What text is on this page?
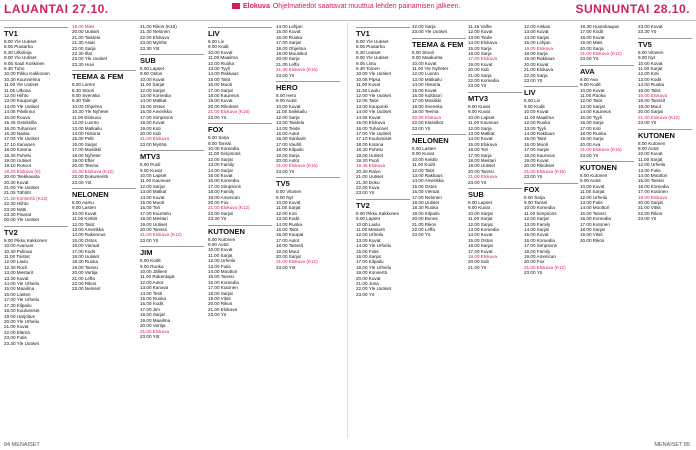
LAUANTAI 27.10.	Elokuva Ohjelmatiedot saattavat muuttua lehden painamisen jälkeen.	SUNNUNTAI 28.10.
TV1
8.00 Yle Uutiset
8.05 Puutarha
8.30 Ulkolinja
9.00 Yle Uutiset
9.05 Sauli Koskinen
9.30 Tuho
10.00 Pikku Kakkonen
10.30 Kuunnelma
11.00 Yle Uutiset
11.05 Ulkona
12.00 Hiihto
13.00 Kaupungit
14.00 Yle Uutiset
14.05 Pilvilinna
15.00 Rouva
15.45 Ostoksilla
16.00 Tuhannet
16.30 Naisia
17.00 Yle Uutiset
17.10 Sananen
18.00 Kotona
18.30 Puhelu
19.00 Uutiset
19.10 Rosvot
19.20 Elokuva (S)
20.00 Tsekkausta
20.30 Kuvat
21.00 Yle Uutiset
21.05 Tähtiöt
21.30 Konsertti (K12)
22.30 Hiihto
23.00 Nätti
23.30 Pisarat
00.00 Yle Uutiset
TV2
8.00 Pikku Kakkonen
10.00 Avaruus
10.30 Pulinaa
11.00 Toistot
12.00 Laulu
12.30 Rock
13.00 Mestarit
13.30 Kuvat
14.00 Yle Urheilu
15.00 Maailma
16.00 Lasten
17.00 Yle Urheilu
17.30 Kilpailu
18.00 Kuulumiset
19.00 Harjoitus
20.00 Yle Urheilu
21.00 Kuvat
22.00 Elämä
23.00 Futis
23.30 Yle Uutiset
19.00 Mies
20.00 Uutiset
21.00 Taistelu
21.30 Asiat
22.00 Sarja
22.30 Illat
23.00 Yle Uutiset
23.30 Huvi
TEEMA & FEM
8.00 Lorem
8.30 Stoori
9.00 Svenska
9.30 Talk
10.00 Ohjelma
10.30 Yle Nyheter
11.00 Elokuva
12.00 Luonto
13.00 Matkailu
14.00 Historia
15.00 Pelit
16.00 Sarjat
17.00 Musiikki
18.00 Nyheter
19.00 Efter
20.00 Teema
20.30 Elokuva (K12)
22.00 Dokumentti
23.00 Yöt
NELONEN
8.00 Aamu
9.00 Lasten
10.00 Kuvat
11.00 Keittiö
12.00 Talot
13.00 Amerikka
14.00 Rakennus
15.00 Ostos
16.00 Vieraat
17.00 Kodit
18.00 Uutiset
18.30 Ruoka
19.00 Tanssi
20.00 Vartija
21.00 Leffa
22.00 Rikos
23.00 Neloset
21.00 Rikos (K16)
21.30 Nelonen
22.00 Elokuva
23.00 Myöhä
23.30 Yöt
SUB
8.00 Lapset
9.00 Ostos
10.00 Kuvat
11.00 Sarjat
12.00 Sarjat
13.00 Komedia
14.00 Matkat
15.00 Ostos
16.00 Amerikka
17.00 Simpsons
18.00 Kuvat
19.00 Koti
20.00 Sub
21.00 Elokuva
23.00 Myöhä
MTV3
8.00 Puoli
9.00 Kuvat
10.00 Lapset
11.00 Kauneus
12.00 Sarjat
13.00 Matkat
14.00 Kuvat
15.00 Muoti
16.00 Tori
17.00 Kuuntelu
18.00 Mestari
19.00 Uutiset
20.00 Tanssii
21.00 Elokuva (K12)
23.00 Yö
JIM
8.00 Kodit
9.00 Ruoka
10.00 Jälleen
11.00 Rakentajat
12.00 Autot
13.00 Kanava
14.00 Testi
15.00 Ruoka
16.00 Kodit
17.00 Jim
18.00 Sarjat
19.00 Maailma
20.00 Vartija
21.00 Elokuva
23.00 Yöt
LIV
8.00 Liv
9.00 Kodit
10.00 Kuvat
11.00 Maailma
12.00 Ruoka
13.00 Tyyli
14.00 Rakkaus
15.00 Talot
16.00 Muoti
17.00 Sarjat
18.00 Kauneus
19.00 Kuvat
20.00 Rikokset
21.00 Elokuva (K16)
23.00 Yö
FOX
8.00 Sarja
9.00 Tanssi
10.00 Komedia
11.00 Simpsons
12.00 Sarjat
13.00 Family
14.00 Sarjat
15.00 Kuvat
16.00 Komedia
17.00 Simpsons
18.00 Family
19.00 American
20.00 Fox
21.00 Elokuva (K12)
23.00 Sarjat
23.30 Yö
KUTONEN
8.00 Kutonen
9.00 Autot
10.00 Kuvat
11.00 Sarjat
12.00 Urheilu
13.00 Futis
14.00 Moottori
15.00 Tanssi
16.00 Komedia
17.00 Kutonen
18.00 Sarjat
19.00 Vitsit
20.00 Rikos
21.00 Elokuva
23.00 Yö
14.00 Lohjan
15.00 Kuvat
16.00 Ruoka
17.00 Sarjat
18.00 Ohjelma
19.00 Muusikot
20.00 Sarja
21.00 Leffa
21.30 Elokuva (K16)
23.00 Yö
HERO
8.00 Hero
9.00 Autot
10.00 Kuvat
11.00 Seikkailu
12.00 Sarja
13.00 Taistelu
14.00 Tiede
15.00 Autot
16.00 Sankarit
17.00 Vauhti
18.00 Kilpailu
19.00 Sarja
20.00 Autot
21.00 Elokuva (K16)
23.00 Yö
TV5
8.00 Vitosen
9.00 Nyt
10.00 Kuvat
11.00 Sarjat
12.00 Koti
13.00 Kodit
14.00 Ruoka
15.00 Talot
16.00 Kaupat
17.00 Autot
18.00 Tanssit
19.00 Muut
20.00 Sarjat
21.00 Elokuva (K12)
23.00 Yöt
TV1
8.00 Yle Uutiset
8.05 Puutarha
8.30 Uutiset
9.00 Yle Uutiset
9.05 Lintu
9.30 Toinen
10.00 Yle Uutiset
10.05 Pipsa
11.00 Kuvat
11.30 Laulu
12.00 Yle Uutiset
12.05 Talot
13.00 Kaupunki
14.00 Yle Uutiset
14.05 Kuvat
15.00 Elokuva
16.00 Tuhannet
17.00 Yle Uutiset
17.10 Kuulumiset
18.00 Kotona
18.30 Puhelu
19.00 Uutiset
19.20 Puoli
19.45 Elokuva
20.30 Raivo
21.00 Uutiset
21.30 Doku
22.00 Kuva
23.00 Yö
TV2
8.00 Pikku Kakkonen
9.00 Lapset
10.00 Laulu
11.00 Mestarit
12.00 Urheilu
13.00 Kuvat
14.00 Yle Urheilu
15.00 Futis
16.00 Sarjat
17.00 Kilpailu
18.00 Yle Urheilu
19.00 Konsertti
20.00 Kuvat
21.00 Juna
22.00 Yle Uutiset
23.00 Yö
22.00 Sarja
23.00 Yle Uutiset
TEEMA & FEM
8.00 Stoori
9.00 Maakunta
10.00 Kuvat
11.00 Yle Nyheter
12.00 Luonto
13.00 Matkailu
14.00 Historia
15.00 Kuvat
16.00 Kulttuuri
17.00 Musiikki
18.00 Svenska
19.00 Teema
20.00 Elokuva
22.00 Klassikot
23.00 Yö
NELONEN
8.00 Lasten
9.00 Kuvat
10.00 Keittiö
11.00 Kodit
12.00 Talot
13.00 Rakkaus
14.00 Amerikka
15.00 Ostos
16.00 Vieraat
17.00 Nelonen
18.00 Uutiset
18.30 Ruoka
19.00 Kilpailu
20.00 Bones
21.00 Rikos
22.00 Leffa
23.00 Yö
11.15 Valhe
12.00 Kuvat
13.00 Tiede
14.00 Elokuva
15.00 Sarja
16.00 Sarja
17.00 Elokuva
19.00 Kuvat
20.00 Sub
21.00 Sarja
22.00 Komedia
23.00 Yö
MTV3
8.00 Kuvat
9.00 Kuvat
10.00 Lapset
11.00 Kauneus
12.00 Sarja
13.00 Matkat
14.00 Kuvat
15.00 Elokuva
16.00 Tori
17.00 Sarja
18.00 Mestari
19.00 Uutiset
20.00 Tanssi
21.00 Elokuva
23.00 Yö
SUB
8.00 Lapset
9.00 Kuvat
10.00 Sarjat
11.00 Sarjat
12.00 Sarjat
13.00 Komedia
14.00 Kuvat
15.00 Ostos
16.00 Sarjat
17.00 Kuvat
18.00 Elokuva
20.00 Sub
21.00 Yö
12.00 Aiskan
13.00 Kuvat
14.00 Sarjat
15.00 Lohjan
16.00 Elokuva
18.00 Sarja
19.00 Rakkaus
20.00 Kuvat
21.00 Elokuva
22.00 Sarja
23.00 Yö
LIV
8.00 Liv
9.00 Kodit
10.00 Kuvat
11.00 Maailma
12.00 Ruoka
13.00 Tyyli
14.00 Rakkaus
15.00 Talot
16.00 Muoti
17.00 Sarjat
18.00 Kauneus
19.00 Kuvat
20.00 Rikokset
21.00 Elokuva (K16)
23.00 Yö
FOX
8.00 Sarja
9.00 Tanssi
10.00 Komedia
11.00 Simpsons
12.00 Sarjat
13.00 Family
14.00 Sarjat
15.00 Kuvat
16.00 Komedia
17.00 Simpsons
18.00 Family
19.00 American
20.00 Fox
21.00 Elokuva (K12)
23.00 Yö
16.30 Huutokaupat
17.00 Kodit
18.00 Kuvat
19.00 Mies
20.00 Sarja
21.00 Elokuva (K12)
23.00 Yö
AVA
8.00 Ava
9.00 Kodit
10.00 Kuvat
11.00 Ruoka
12.00 Talot
13.00 Sarjat
14.00 Kauneus
15.00 Tyyli
16.00 Sarja
17.00 Koti
18.00 Ruoka
19.00 Sarja
20.00 Ava
21.00 Elokuva (K16)
23.00 Yö
KUTONEN
8.00 Kutonen
9.00 Autot
10.00 Kuvat
11.00 Sarjat
12.00 Urheilu
13.00 Futis
14.00 Moottori
15.00 Tanssi
16.00 Komedia
17.00 Kutonen
18.00 Sarjat
19.00 Vitsit
20.00 Rikos
23.00 Kuvat
23.30 Yö
TV5
8.00 Vitosen
9.00 Nyt
10.00 Kuvat
11.00 Sarjat
12.00 Koti
13.00 Kodit
14.00 Ruoka
15.00 Talot
16.00 Elokuva
18.00 Tanssit
19.00 Muut
20.00 Sarjat
21.00 Elokuva (K12)
23.00 Yö
KUTONEN
8.00 Kutonen
9.00 Autot
10.00 Kuvat
11.00 Sarjat
12.00 Urheilu
13.00 Futis
14.00 Moottori
15.00 Tanssi
16.00 Komedia
17.00 Kutonen
18.00 Elokuva
20.00 Sarjat
21.00 Vitsit
22.00 Rikos
23.00 Yö
84 MENAISET	MENAISET 85
